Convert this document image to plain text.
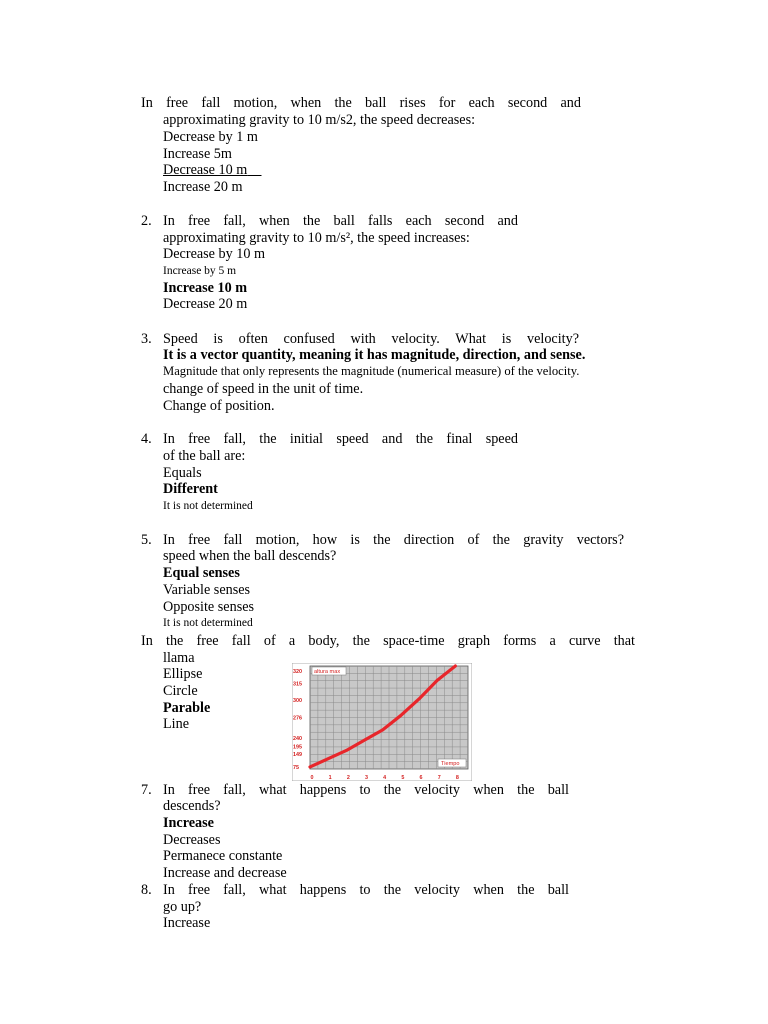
In free fall motion, when the ball rises for each second and
approximating gravity to 10 m/s2, the speed decreases:
Decrease by 1 m
Increase 5m
Decrease 10 m
Increase 20 m
2. In free fall, when the ball falls each second and
approximating gravity to 10 m/s², the speed increases:
Decrease by 10 m
Increase by 5 m
Increase 10 m
Decrease 20 m
3. Speed is often confused with velocity. What is velocity?
It is a vector quantity, meaning it has magnitude, direction, and sense.
Magnitude that only represents the magnitude (numerical measure) of the velocity.
change of speed in the unit of time.
Change of position.
4. In free fall, the initial speed and the final speed
of the ball are:
Equals
Different
It is not determined
5. In free fall motion, how is the direction of the gravity vectors?
speed when the ball descends?
Equal senses
Variable senses
Opposite senses
It is not determined
In the free fall of a body, the space-time graph forms a curve that
llama
Ellipse
Circle
Parable
Line
75
149
195
240
276
300
315
320
0	1	2	3	4	5	6	7	8
altura max
Tiempo
7. In free fall, what happens to the velocity when the ball
descends?
Increase
Decreases
Permanece constante
Increase and decrease
8. In free fall, what happens to the velocity when the ball
go up?
Increase
